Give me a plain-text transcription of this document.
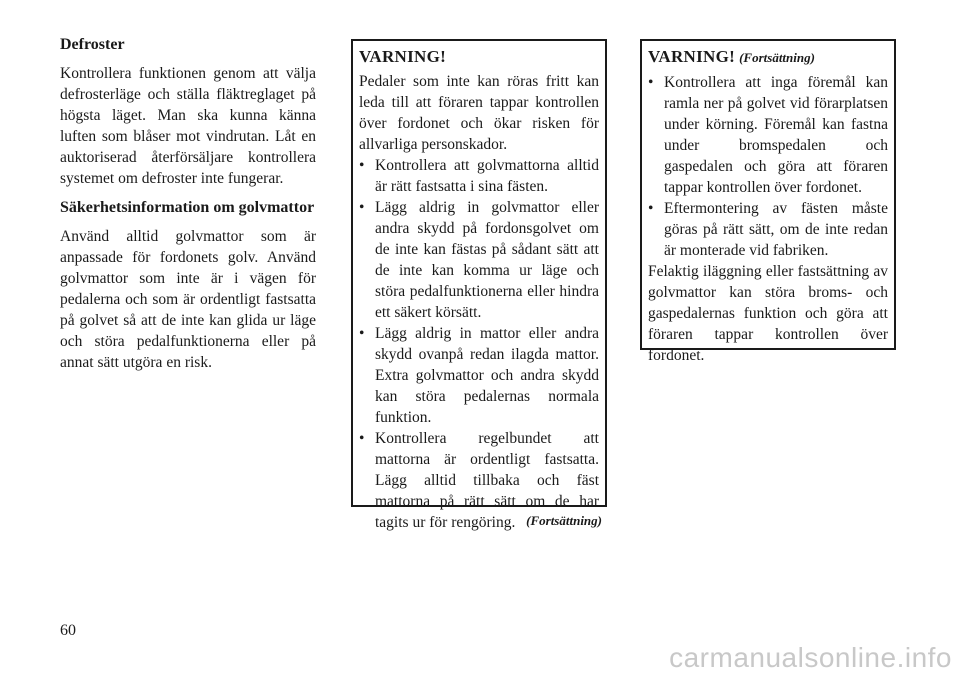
Defroster

Kontrollera funktionen genom att välja defrosterläge och ställa fläktreglaget på högsta läget. Man ska kunna känna luften som blåser mot vindrutan. Låt en auktoriserad återförsäljare kontrollera systemet om defroster inte fungerar.

Säkerhetsinformation om golvmattor

Använd alltid golvmattor som är anpassade för fordonets golv. Använd golvmattor som inte är i vägen för pedalerna och som är ordentligt fastsatta på golvet så att de inte kan glida ur läge och störa pedalfunktionerna eller på annat sätt utgöra en risk.

VARNING!

Pedaler som inte kan röras fritt kan leda till att föraren tappar kontrollen över fordonet och ökar risken för allvarliga personskador.

• Kontrollera att golvmattorna alltid är rätt fastsatta i sina fästen.
• Lägg aldrig in golvmattor eller andra skydd på fordonsgolvet om de inte kan fästas på sådant sätt att de inte kan komma ur läge och störa pedalfunktionerna eller hindra ett säkert körsätt.
• Lägg aldrig in mattor eller andra skydd ovanpå redan ilagda mattor. Extra golvmattor och andra skydd kan störa pedalernas normala funktion.
• Kontrollera regelbundet att mattorna är ordentligt fastsatta. Lägg alltid tillbaka och fäst mattorna på rätt sätt om de har tagits ur för rengöring. (Fortsättning)
VARNING! (Fortsättning)
• Kontrollera att inga föremål kan ramla ner på golvet vid förarplatsen under körning. Föremål kan fastna under bromspedalen och gaspedalen och göra att föraren tappar kontrollen över fordonet.
• Eftermontering av fästen måste göras på rätt sätt, om de inte redan är monterade vid fabriken.

Felaktig iläggning eller fastsättning av golvmattor kan störa broms- och gaspedalernas funktion och göra att föraren tappar kontrollen över fordonet.

60
carmanualsonline.info
